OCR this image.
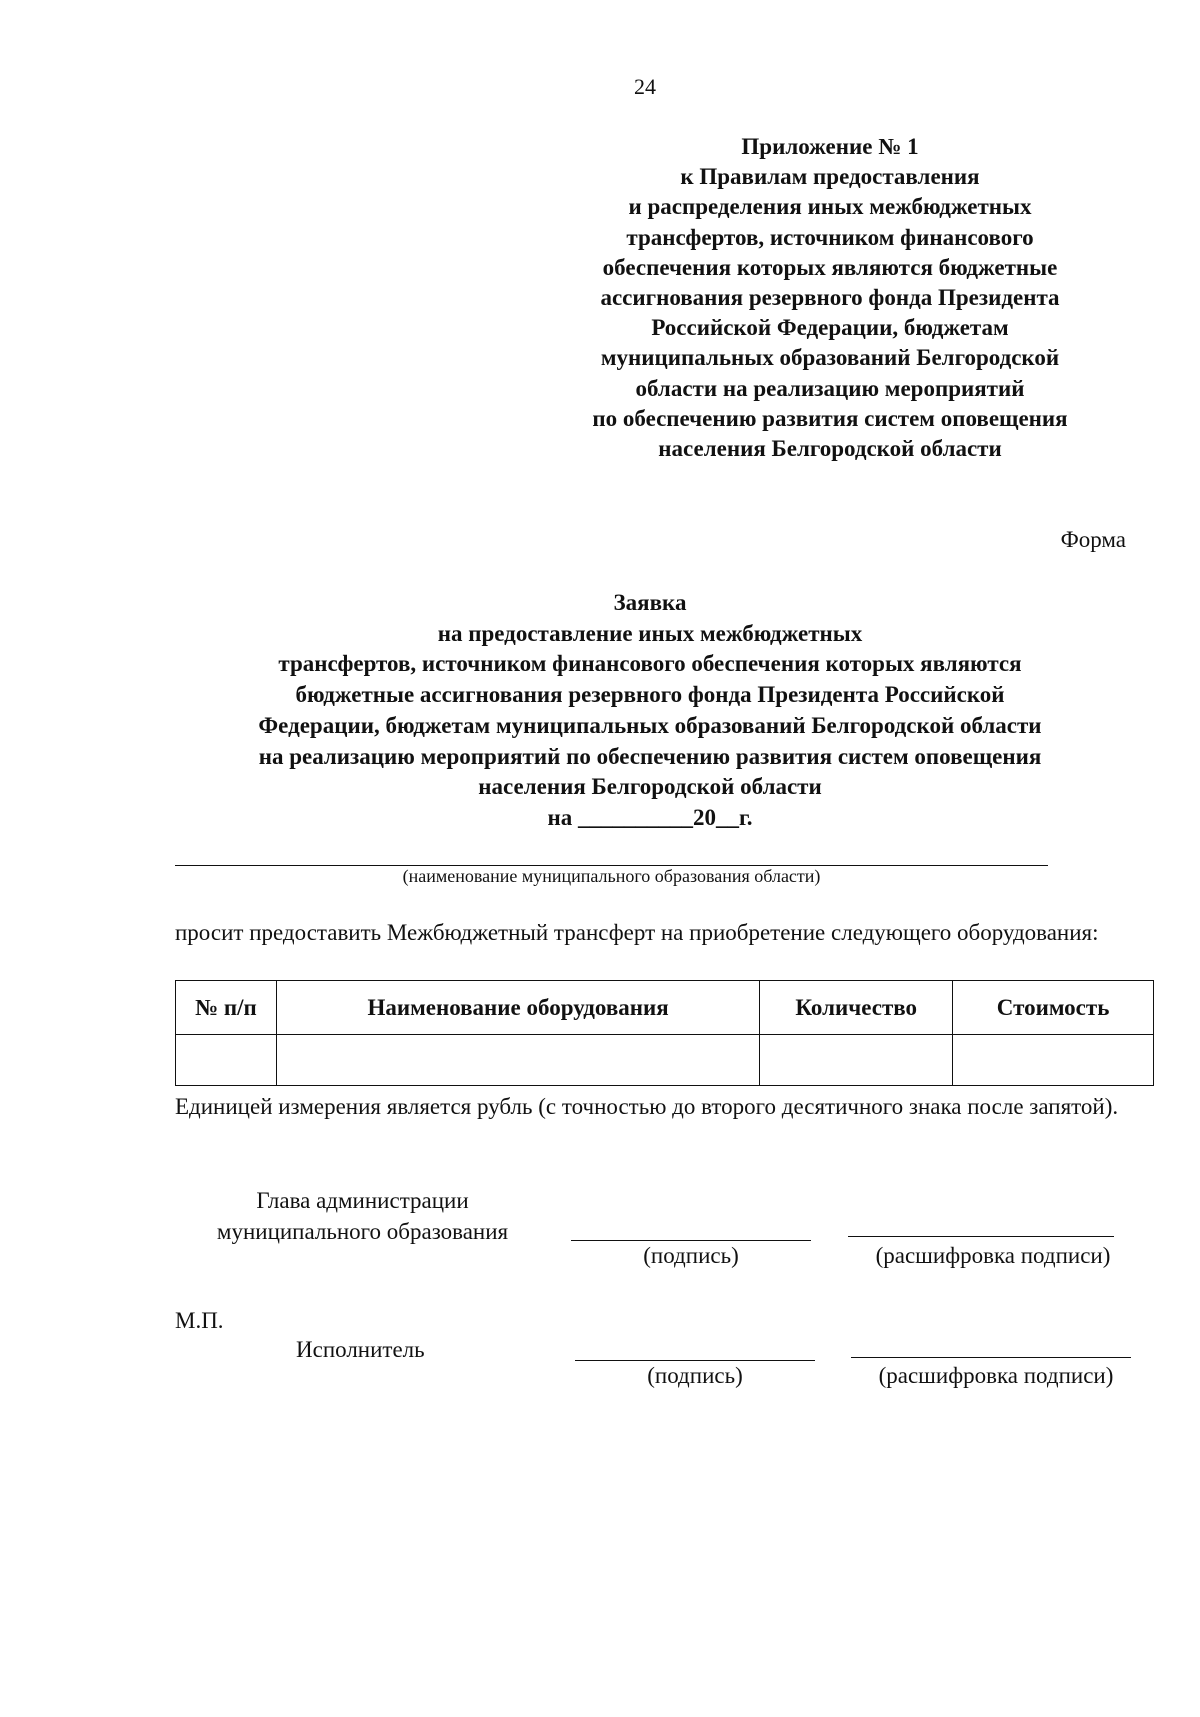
24
Приложение № 1
к Правилам предоставления
и распределения иных межбюджетных
трансфертов, источником финансового
обеспечения которых являются бюджетные
ассигнования резервного фонда Президента
Российской Федерации, бюджетам
муниципальных образований Белгородской
области на реализацию мероприятий
по обеспечению развития систем оповещения
населения Белгородской области
Форма
Заявка
на предоставление иных межбюджетных
трансфертов, источником финансового обеспечения которых являются
бюджетные ассигнования резервного фонда Президента Российской
Федерации, бюджетам муниципальных образований Белгородской области
на реализацию мероприятий по обеспечению развития систем оповещения
населения Белгородской области
на __________20__г.
(наименование муниципального образования области)
просит предоставить Межбюджетный трансферт на приобретение следующего оборудования:
№ п/п	Наименование оборудования	Количество	Стоимость

Единицей измерения является рубль (с точностью до второго десятичного знака после запятой).
Глава администрации
муниципального образования
(подпись)	(расшифровка подписи)
М.П.
Исполнитель
(подпись)	(расшифровка подписи)
